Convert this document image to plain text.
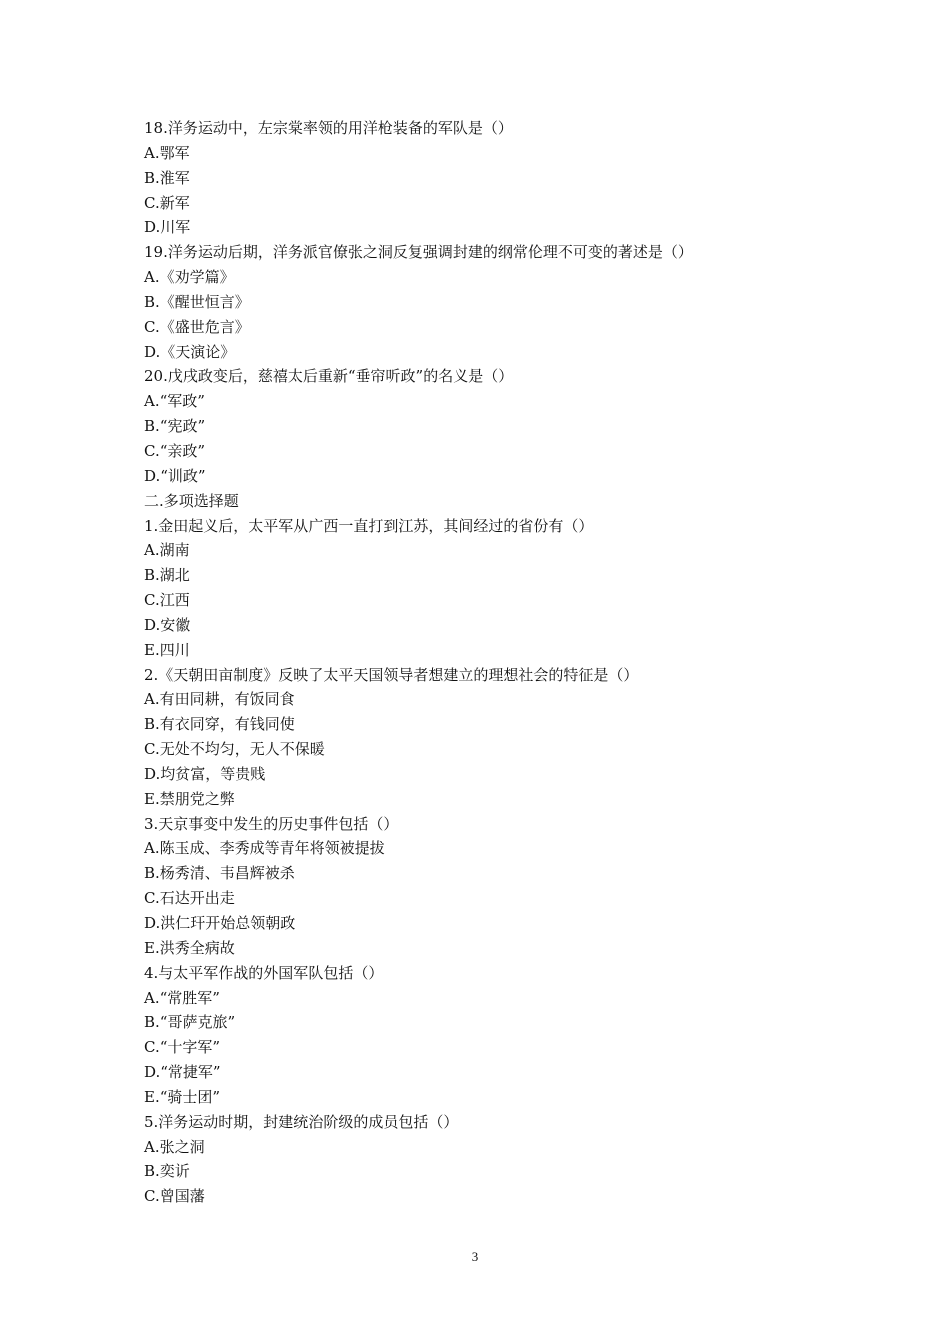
18.洋务运动中，左宗棠率领的用洋枪装备的军队是（）
A.鄂军
B.淮军
C.新军
D.川军
19.洋务运动后期，洋务派官僚张之洞反复强调封建的纲常伦理不可变的著述是（）
A.《劝学篇》
B.《醒世恒言》
C.《盛世危言》
D.《天演论》
20.戊戌政变后，慈禧太后重新“垂帘听政”的名义是（）
A.“军政”
B.“宪政”
C.“亲政”
D.“训政”
二.多项选择题
1.金田起义后，太平军从广西一直打到江苏，其间经过的省份有（）
A.湖南
B.湖北
C.江西
D.安徽
E.四川
2.《天朝田亩制度》反映了太平天国领导者想建立的理想社会的特征是（）
A.有田同耕，有饭同食
B.有衣同穿，有钱同使
C.无处不均匀，无人不保暖
D.均贫富，等贵贱
E.禁朋党之弊
3.天京事变中发生的历史事件包括（）
A.陈玉成、李秀成等青年将领被提拔
B.杨秀清、韦昌辉被杀
C.石达开出走
D.洪仁玕开始总领朝政
E.洪秀全病故
4.与太平军作战的外国军队包括（）
A.“常胜军”
B.“哥萨克旅”
C.“十字军”
D.“常捷军”
E.“骑士团”
5.洋务运动时期，封建统治阶级的成员包括（）
A.张之洞
B.奕䜣
C.曾国藩
3
